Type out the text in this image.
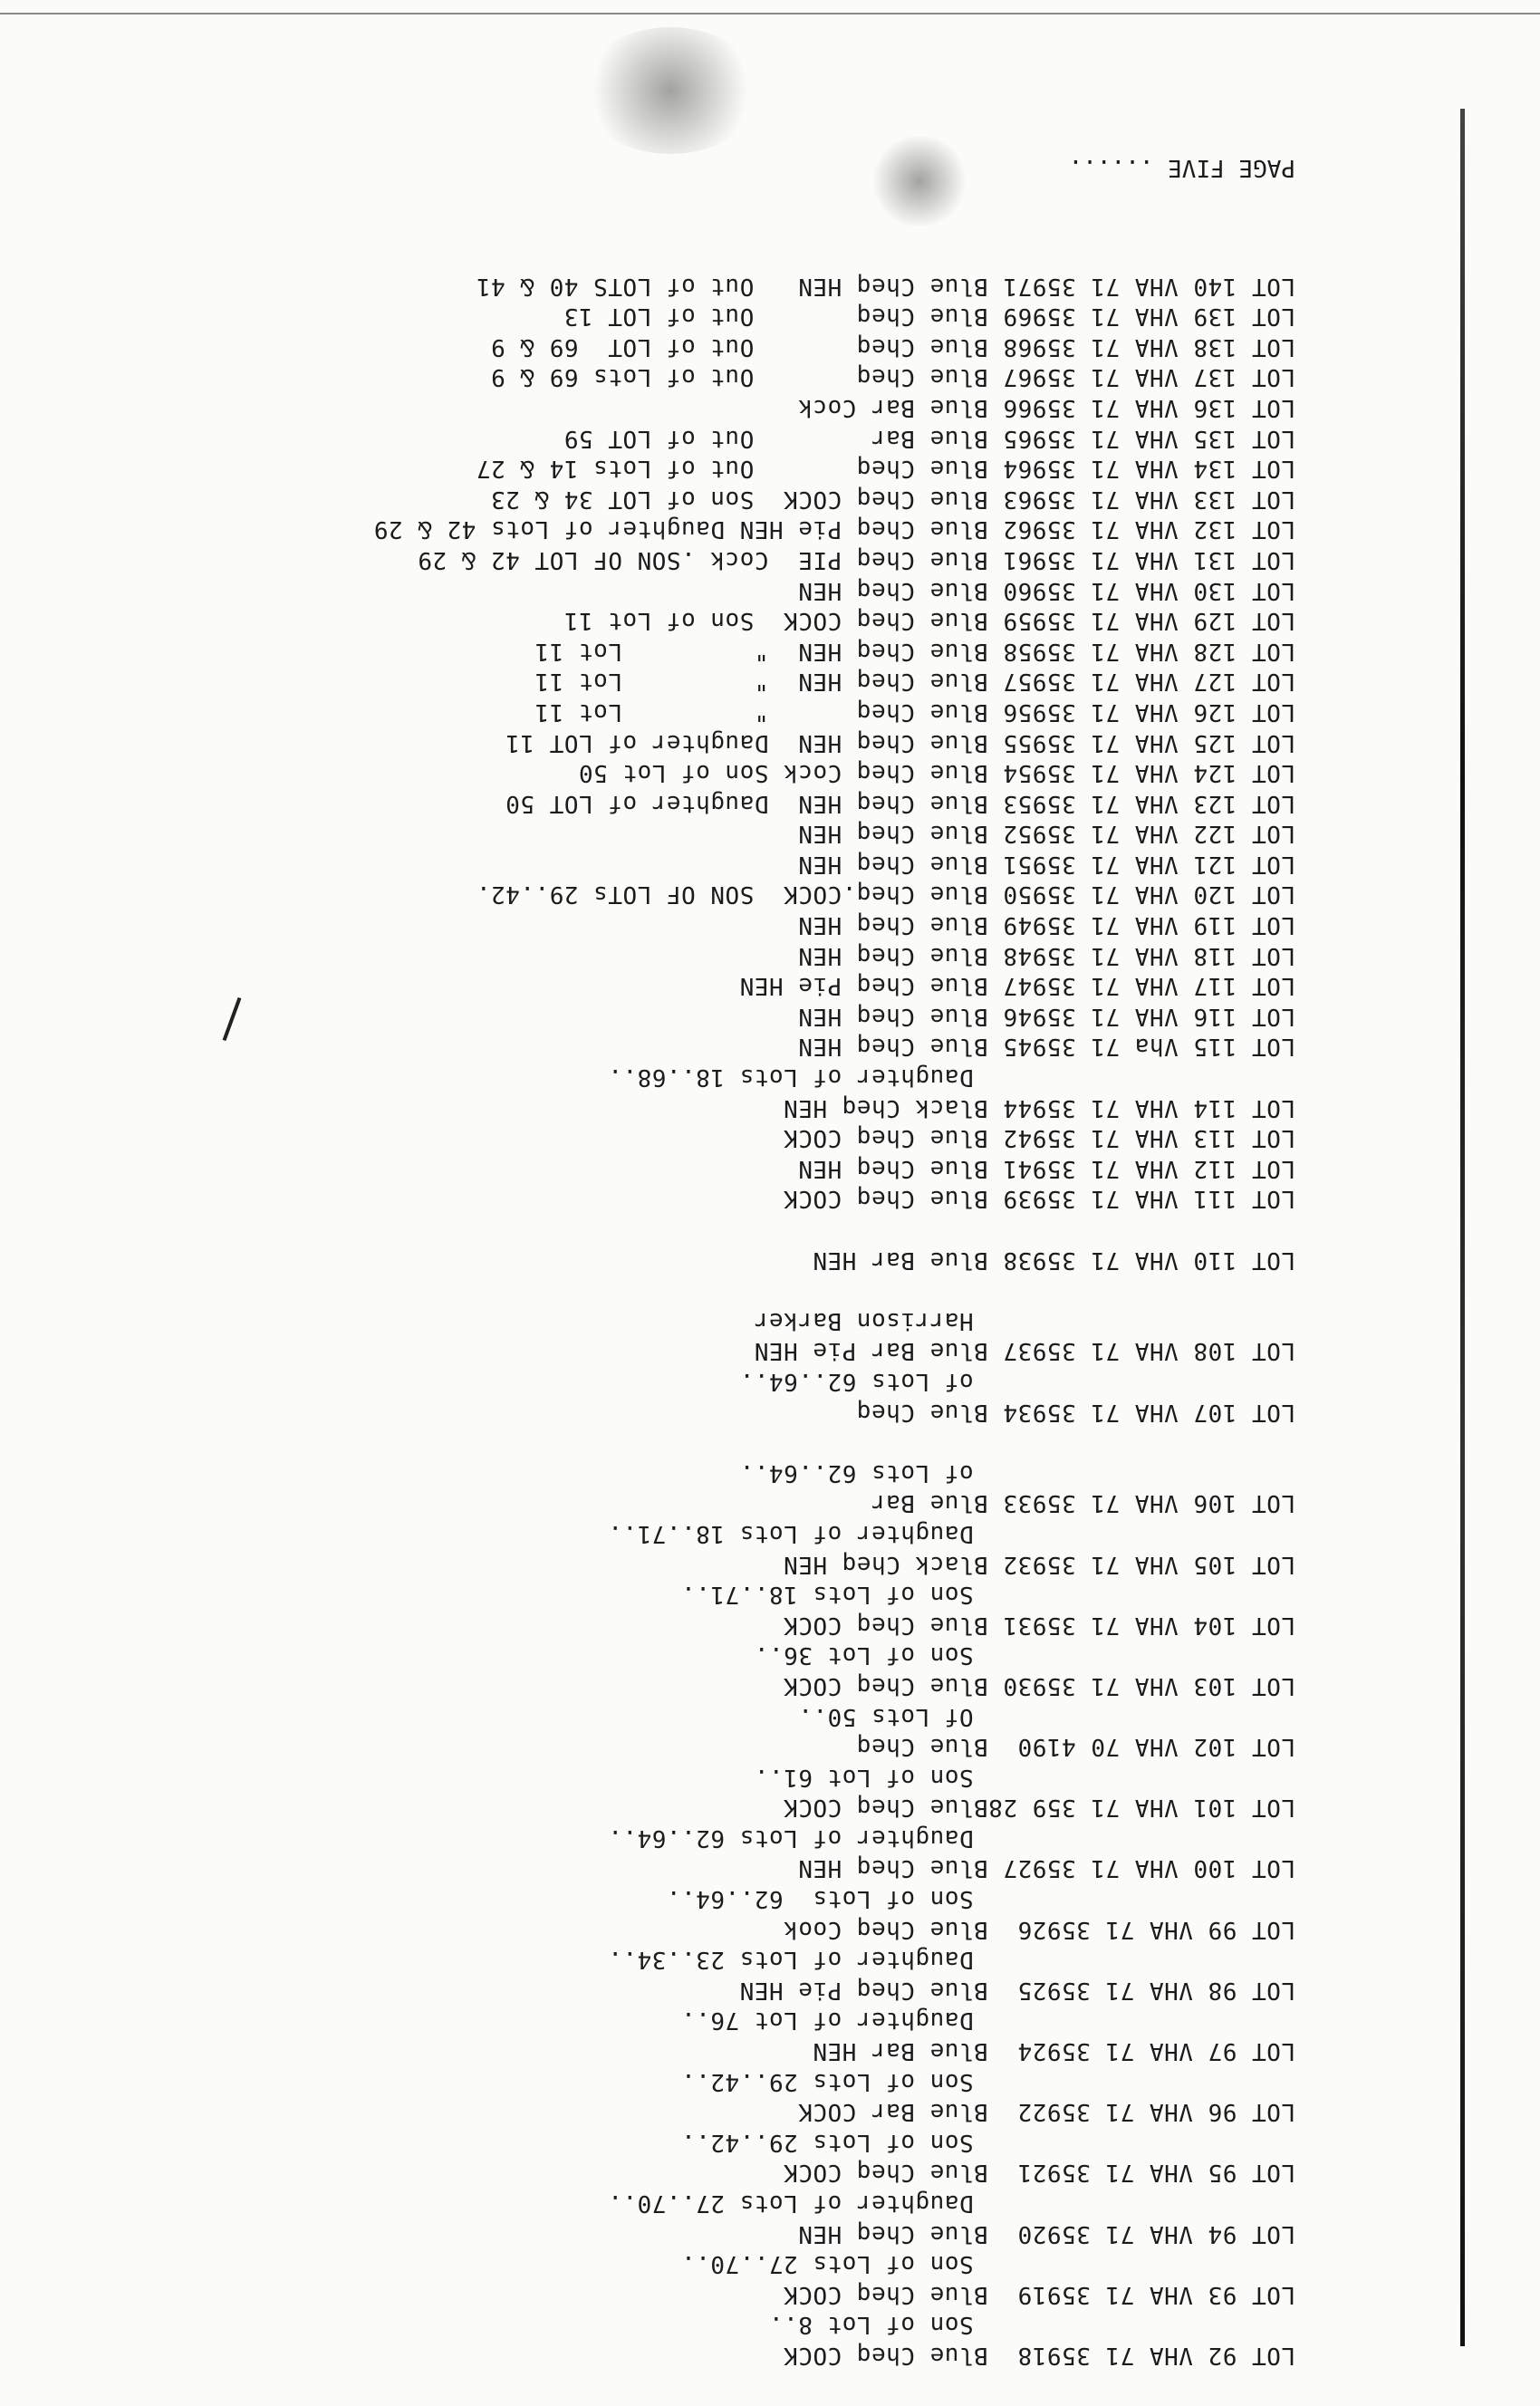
LOT 92 VHA 71 35918  Blue Cheq COCK
Son of Lot 8..
LOT 93 VHA 71 35919  Blue Cheq COCK
Son of Lots 27..70..
LOT 94 VHA 71 35920  Blue Cheq HEN
Daughter of Lots 27..70..
LOT 95 VHA 71 35921  Blue Cheq COCK
Son of Lots 29..42..
LOT 96 VHA 71 35922  Blue Bar COCK
Son of Lots 29..42..
LOT 97 VHA 71 35924  Blue Bar HEN
Daughter of Lot 76..
LOT 98 VHA 71 35925  Blue Cheq Pie HEN
Daughter of Lots 23..34..
LOT 99 VHA 71 35926  Blue Cheq Cook
Son of Lots  62..64..
LOT 100 VHA 71 35927 Blue Cheq HEN
Daughter of Lots 62..64..
LOT 101 VHA 71 359 28Blue Cheq COCK
Son of Lot 61..
LOT 102 VHA 70 4190  Blue Cheq
Of Lots 50..
LOT 103 VHA 71 35930 Blue Cheq COCK
Son of Lot 36..
LOT 104 VHA 71 35931 Blue Cheq COCK
Son of Lots 18..71..
LOT 105 VHA 71 35932 Black Cheq HEN
Daughter of Lots 18..71..
LOT 106 VHA 71 35933 Blue Bar
of Lots 62..64..
LOT 107 VHA 71 35934 Blue Cheq
of Lots 62..64..
LOT 108 VHA 71 35937 Blue Bar Pie HEN
Harrison Barker
LOT 110 VHA 71 35938 Blue Bar HEN
LOT 111 VHA 71 35939 Blue Cheq COCK
LOT 112 VHA 71 35941 Blue Cheq HEN
LOT 113 VHA 71 35942 Blue Cheq COCK
LOT 114 VHA 71 35944 Black Cheq HEN
Daughter of Lots 18..68..
LOT 115 Vha 71 35945 Blue Cheq HEN
LOT 116 VHA 71 35946 Blue Cheq HEN
LOT 117 VHA 71 35947 Blue Cheq Pie HEN
LOT 118 VHA 71 35948 Blue Cheq HEN
LOT 119 VHA 71 35949 Blue Cheq HEN
LOT 120 VHA 71 35950 Blue Cheq.COCK  SON OF LOTs 29..42.
LOT 121 VHA 71 35951 Blue Cheq HEN
LOT 122 VHA 71 35952 Blue Cheq HEN
LOT 123 VHA 71 35953 Blue Cheq HEN  Daughter of LOT 50
LOT 124 VHA 71 35954 Blue Cheq Cock Son of Lot 50
LOT 125 VHA 71 35955 Blue Cheq HEN  Daughter of LOT 11
LOT 126 VHA 71 35956 Blue Cheq      "         Lot 11
LOT 127 VHA 71 35957 Blue Cheq HEN  "         Lot 11
LOT 128 VHA 71 35958 Blue Cheq HEN  "         Lot 11
LOT 129 VHA 71 35959 Blue Cheq COCK  Son of Lot 11
LOT 130 VHA 71 35960 Blue Cheq HEN
LOT 131 VHA 71 35961 Blue Cheq PIE  Cock .SON OF LOT 42 & 29
LOT 132 VHA 71 35962 Blue Cheq Pie HEN Daughter of Lots 42 & 29
LOT 133 VHA 71 35963 Blue Cheq COCK  Son of LOT 34 & 23
LOT 134 VHA 71 35964 Blue Cheq       Out of Lots 14 & 27
LOT 135 VHA 71 35965 Blue Bar        Out of LOT 59
LOT 136 VHA 71 35966 Blue Bar Cock
LOT 137 VHA 71 35967 Blue Cheq       Out of Lots 69 & 9
LOT 138 VHA 71 35968 Blue Cheq       Out of LOT  69 & 9
LOT 139 VHA 71 35969 Blue Cheq       Out of LOT 13
LOT 140 VHA 71 35971 Blue Cheq HEN   Out of LOTS 40 & 41
PAGE FIVE ......
